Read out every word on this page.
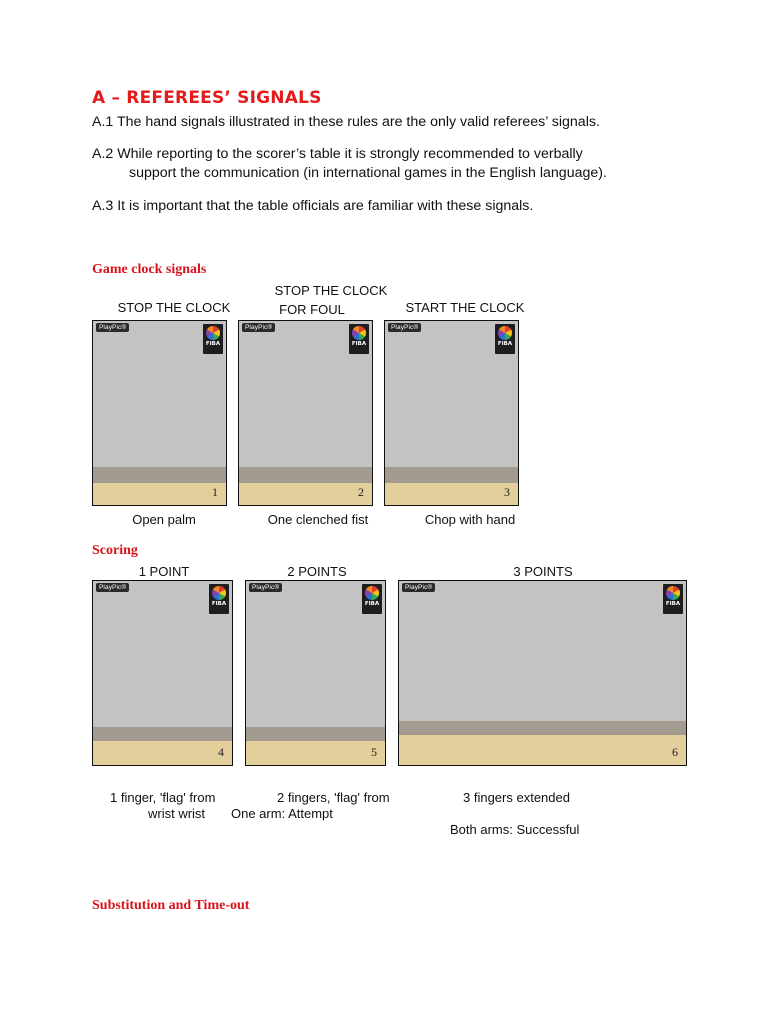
A – REFEREES’ SIGNALS
A.1 The hand signals illustrated in these rules are the only valid referees’ signals.
A.2 While reporting to the scorer’s table it is strongly recommended to verbally
support the communication (in international games in the English language).
A.3 It is important that the table officials are familiar with these signals.
Game clock signals
STOP THE CLOCK
STOP THE CLOCK
FOR FOUL	START THE CLOCK
PlayPic®
FIBA
1
PlayPic®
FIBA
2
PlayPic®
FIBA
3
Open palm	One clenched fist	Chop with hand
Scoring
1 POINT	2 POINTS	3 POINTS
PlayPic®
FIBA
4
PlayPic®
FIBA
5
PlayPic®
FIBA
6
1 finger, 'flag' from	2 fingers, 'flag' from	3 fingers extended
wrist wrist One arm: Attempt
Both arms: Successful
Substitution and Time-out
